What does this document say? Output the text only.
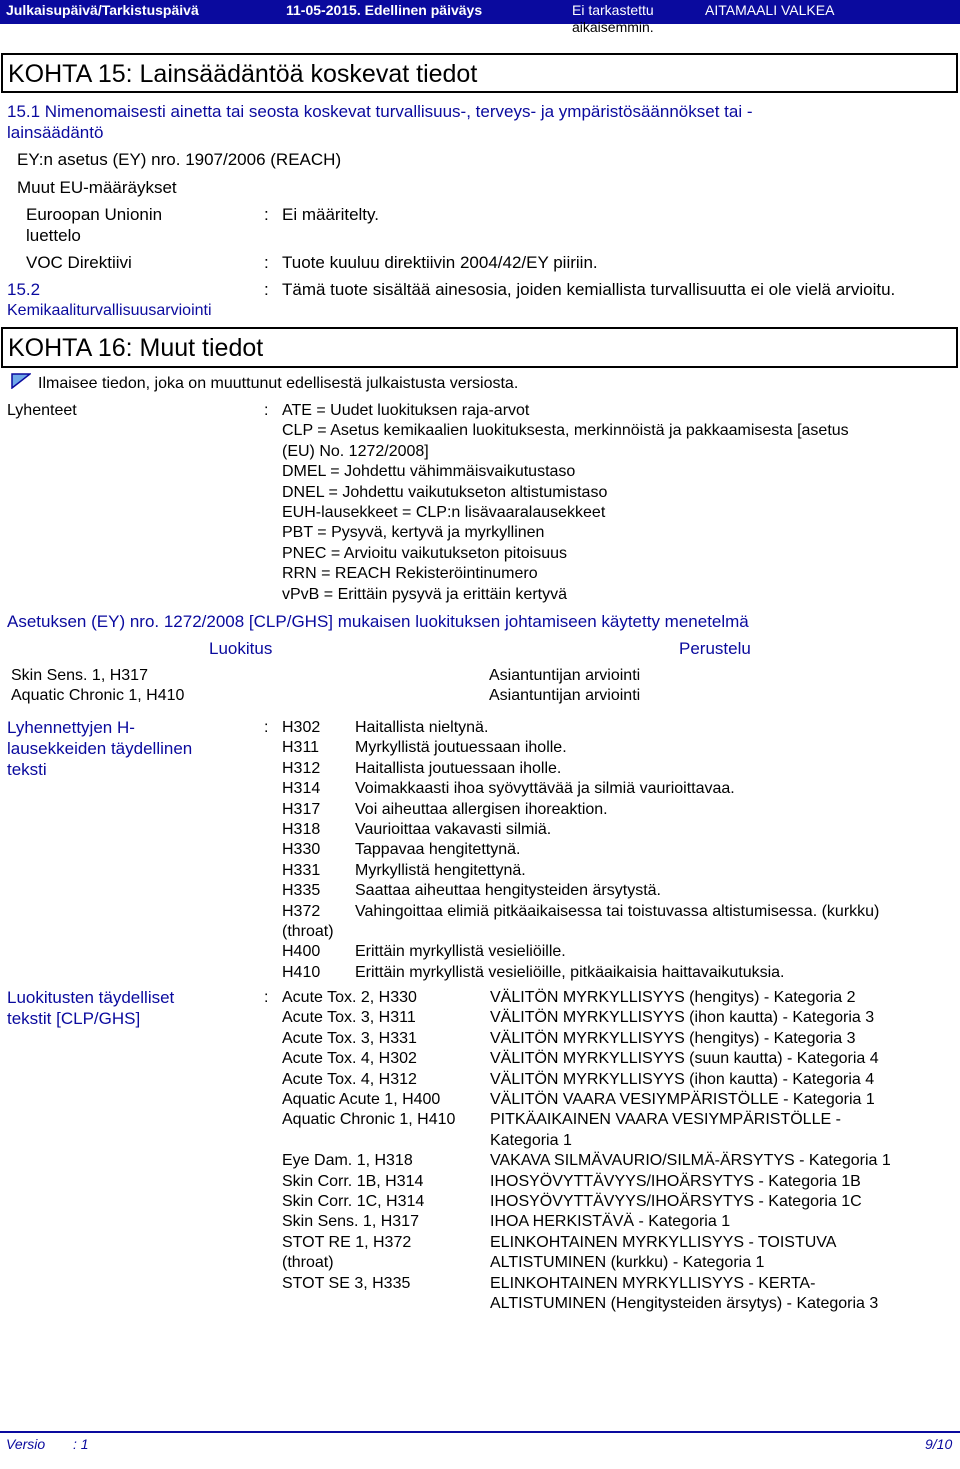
Julkaisupäivä/Tarkistuspäivä	11-05-2015. Edellinen päiväys	Ei tarkastettu
aikaisemmin.
AITAMAALI VALKEA
KOHTA 15: Lainsäädäntöä koskevat tiedot
15.1 Nimenomaisesti ainetta tai seosta koskevat turvallisuus-, terveys- ja ympäristösäännökset tai -
lainsäädäntö
EY:n asetus (EY) nro. 1907/2006 (REACH)
Muut EU-määräykset
Euroopan Unionin
luettelo
: Ei määritelty.
VOC Direktiivi	: Tuote kuuluu direktiivin 2004/42/EY piiriin.
15.2
Kemikaaliturvallisuusarviointi
: Tämä tuote sisältää ainesosia, joiden kemiallista turvallisuutta ei ole vielä arvioitu.
KOHTA 16: Muut tiedot
Ilmaisee tiedon, joka on muuttunut edellisestä julkaistusta versiosta.
Lyhenteet	: ATE = Uudet luokituksen raja-arvot
CLP = Asetus kemikaalien luokituksesta, merkinnöistä ja pakkaamisesta [asetus
(EU) No. 1272/2008]
DMEL = Johdettu vähimmäisvaikutustaso
DNEL = Johdettu vaikutukseton altistumistaso
EUH-lausekkeet = CLP:n lisävaaralausekkeet
PBT = Pysyvä, kertyvä ja myrkyllinen
PNEC = Arvioitu vaikutukseton pitoisuus
RRN = REACH Rekisteröintinumero
vPvB = Erittäin pysyvä ja erittäin kertyvä
Asetuksen (EY) nro. 1272/2008 [CLP/GHS] mukaisen luokituksen johtamiseen käytetty menetelmä
Luokitus	Perustelu
Skin Sens. 1, H317	Asiantuntijan arviointi
Aquatic Chronic 1, H410	Asiantuntijan arviointi
Lyhennettyjen H-
lausekkeiden täydellinen
teksti
: H302	Haitallista nieltynä.
H311	Myrkyllistä joutuessaan iholle.
H312	Haitallista joutuessaan iholle.
H314	Voimakkaasti ihoa syövyttävää ja silmiä vaurioittavaa.
H317	Voi aiheuttaa allergisen ihoreaktion.
H318	Vaurioittaa vakavasti silmiä.
H330	Tappavaa hengitettynä.
H331	Myrkyllistä hengitettynä.
H335	Saattaa aiheuttaa hengitysteiden ärsytystä.
H372	Vahingoittaa elimiä pitkäaikaisessa tai toistuvassa altistumisessa. (kurkku)
(throat)
H400	Erittäin myrkyllistä vesieliöille.
H410	Erittäin myrkyllistä vesieliöille, pitkäaikaisia haittavaikutuksia.
Luokitusten täydelliset
tekstit [CLP/GHS]
: Acute Tox. 2, H330	VÄLITÖN MYRKYLLISYYS (hengitys) - Kategoria 2
Acute Tox. 3, H311	VÄLITÖN MYRKYLLISYYS (ihon kautta) - Kategoria 3
Acute Tox. 3, H331	VÄLITÖN MYRKYLLISYYS (hengitys) - Kategoria 3
Acute Tox. 4, H302	VÄLITÖN MYRKYLLISYYS (suun kautta) - Kategoria 4
Acute Tox. 4, H312	VÄLITÖN MYRKYLLISYYS (ihon kautta) - Kategoria 4
Aquatic Acute 1, H400	VÄLITÖN VAARA VESIYMPÄRISTÖLLE - Kategoria 1
Aquatic Chronic 1, H410	PITKÄAIKAINEN VAARA VESIYMPÄRISTÖLLE -
Kategoria 1
Eye Dam. 1, H318	VAKAVA SILMÄVAURIO/SILMÄ-ÄRSYTYS - Kategoria 1
Skin Corr. 1B, H314	IHOSYÖVYTTÄVYYS/IHOÄRSYTYS - Kategoria 1B
Skin Corr. 1C, H314	IHOSYÖVYTTÄVYYS/IHOÄRSYTYS - Kategoria 1C
Skin Sens. 1, H317	IHOA HERKISTÄVÄ - Kategoria 1
STOT RE 1, H372	ELINKOHTAINEN MYRKYLLISYYS - TOISTUVA
(throat)	ALTISTUMINEN (kurkku) - Kategoria 1
STOT SE 3, H335	ELINKOHTAINEN MYRKYLLISYYS - KERTA-
ALTISTUMINEN (Hengitysteiden ärsytys) - Kategoria 3
Versio : 1	9/10
